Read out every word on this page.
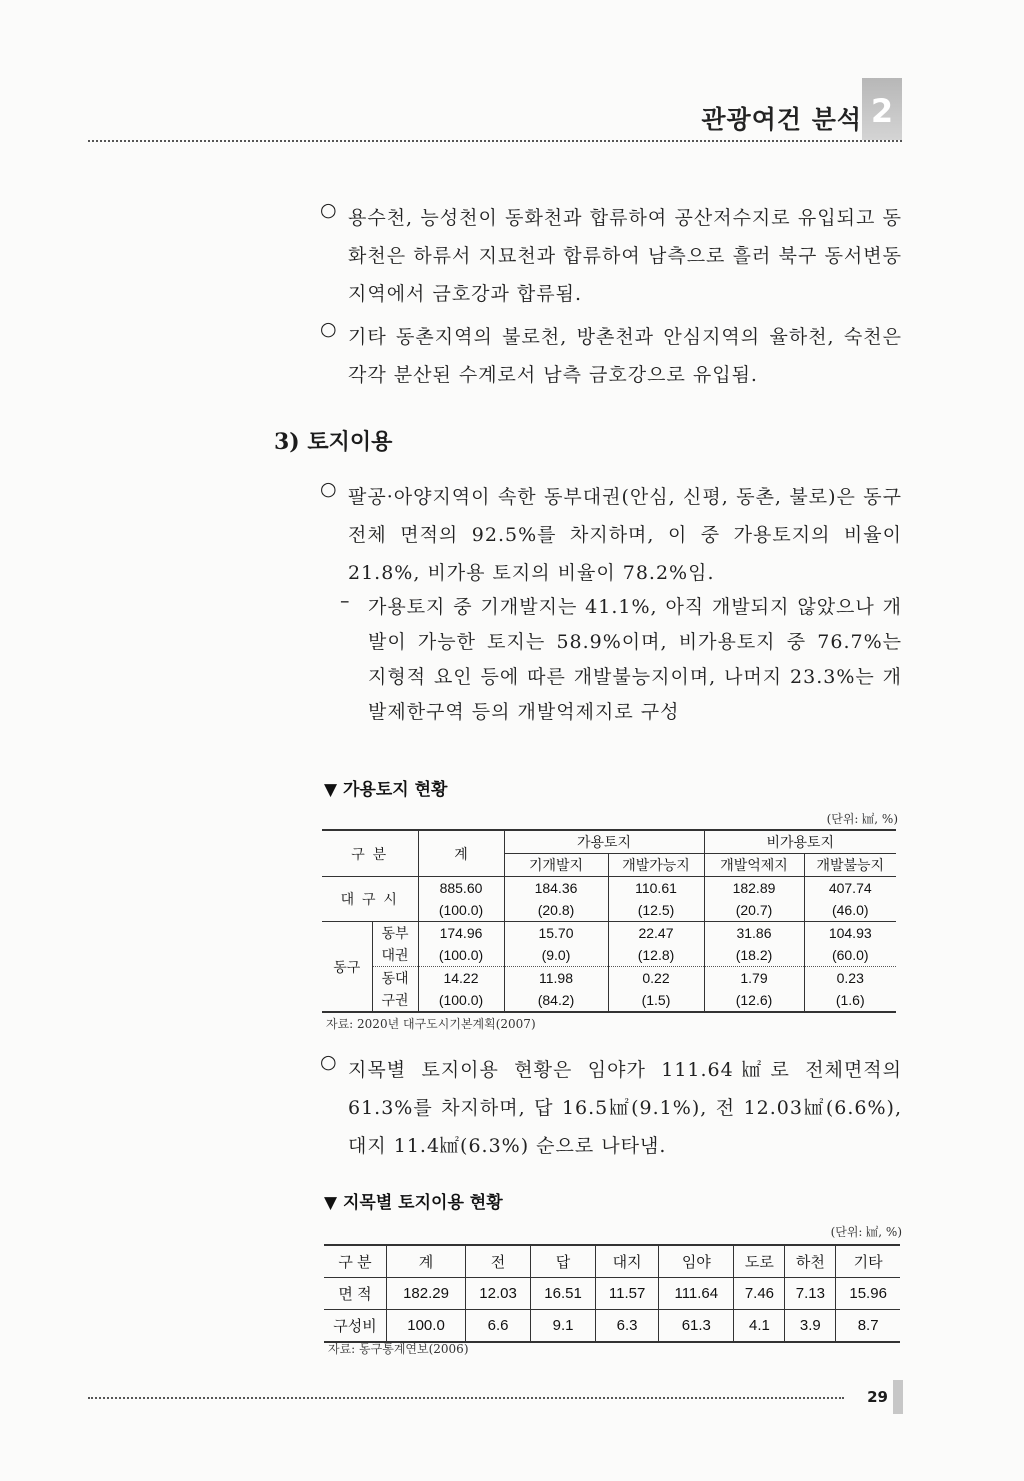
관광여건 분석 2
○ 용수천, 능성천이 동화천과 합류하여 공산저수지로 유입되고 동화천은 하류서 지묘천과 합류하여 남측으로 흘러 북구 동서변동 지역에서 금호강과 합류됨.
○ 기타 동촌지역의 불로천, 방촌천과 안심지역의 율하천, 숙천은 각각 분산된 수계로서 남측 금호강으로 유입됨.
3) 토지이용
○ 팔공·아양지역이 속한 동부대권(안심, 신평, 동촌, 불로)은 동구전체 면적의 92.5%를 차지하며, 이 중 가용토지의 비율이 21.8%, 비가용 토지의 비율이 78.2%임.
– 가용토지 중 기개발지는 41.1%, 아직 개발되지 않았으나 개발이 가능한 토지는 58.9%이며, 비가용토지 중 76.7%는 지형적 요인 등에 따른 개발불능지이며, 나머지 23.3%는 개발제한구역 등의 개발억제지로 구성
▼ 가용토지 현황
(단위: ㎢, %)
구 분		계	가용토지		비가용토지	
			기개발지	개발가능지	개발억제지	개발불능지
대 구 시		885.60	184.36	110.61	182.89	407.74
		(100.0)	(20.8)	(12.5)	(20.7)	(46.0)
동구	동부	174.96	15.70	22.47	31.86	104.93
	대권	(100.0)	(9.0)	(12.8)	(18.2)	(60.0)
	동대	14.22	11.98	0.22	1.79	0.23
	구권	(100.0)	(84.2)	(1.5)	(12.6)	(1.6)
자료: 2020년 대구도시기본계획(2007)
○ 지목별 토지이용 현황은 임야가 111.64㎢로 전체면적의 61.3%를 차지하며, 답 16.5㎢(9.1%), 전 12.03㎢(6.6%), 대지 11.4㎢(6.3%) 순으로 나타냄.
▼ 지목별 토지이용 현황
(단위: ㎢, %)
구 분	계	전	답	대지	임야	도로	하천	기타
면 적	182.29	12.03	16.51	11.57	111.64	7.46	7.13	15.96
구성비	100.0	6.6	9.1	6.3	61.3	4.1	3.9	8.7
자료: 동구통계연보(2006)
29
